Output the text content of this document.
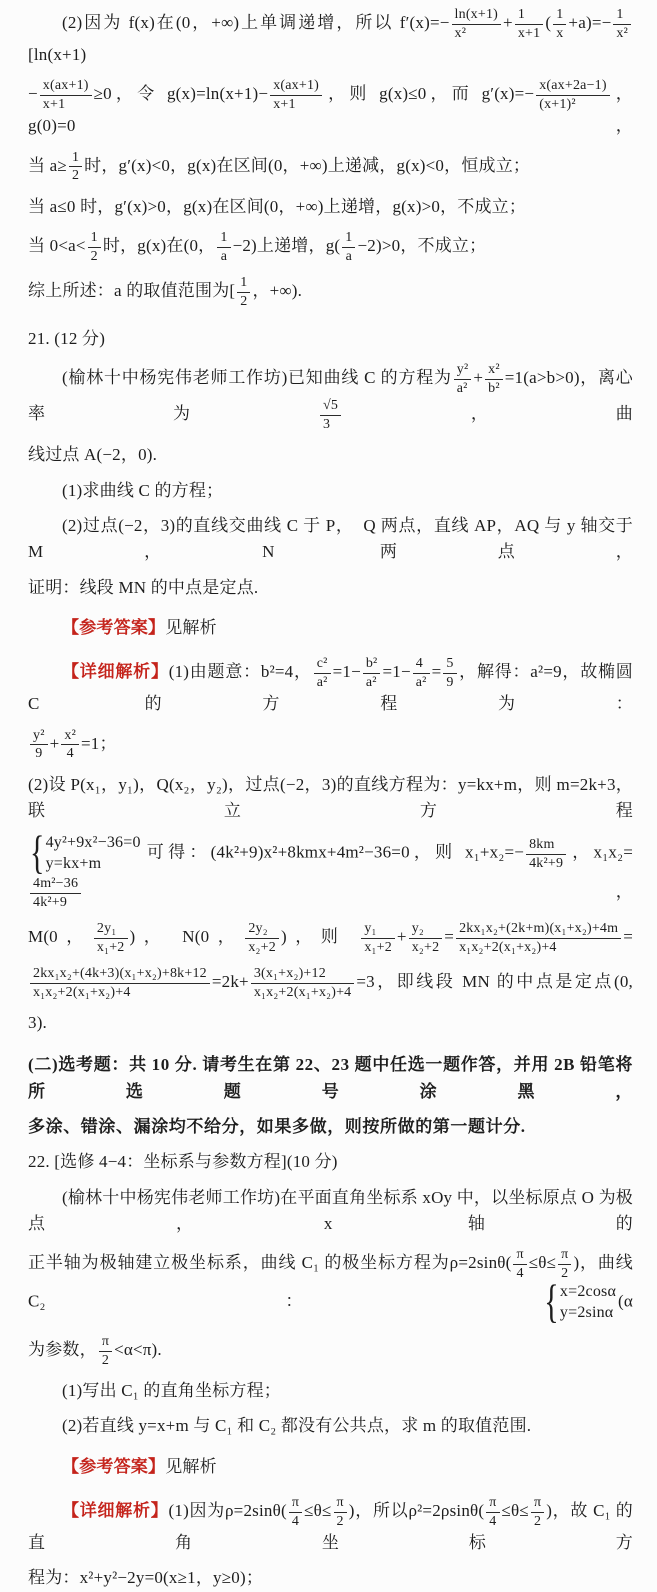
(2)因为 f(x)在(0，+∞)上单调递增，所以 $f'(x)=- \frac{\ln(x+1)}{\text{x²}} + \frac{1}{x+1}$ ( $\frac{1}{x} +a)=- \frac{1}{\text{x²}}$
[ln(x+1)
− $\frac{x(ax+1)}{x+1} \ge 0$，令 $g(x)=\ln(x+1)- \frac{x(ax+1)}{x+1}$ ，则 g(x)≤0，而 $g'(x)=- \frac{x(ax+2a-1)}{\text{(x+1)²}}$ ，g(0)=0，
当 $a\ge \frac{1}{2}$ 时，g′(x)<0，g(x)在区间(0，+∞)上递减，g(x)<0，恒成立；
当 a≤0 时，g′(x)>0，g(x)在区间(0，+∞)上递增，g(x)>0，不成立；
当 $0<a< \frac{1}{2}$ 时，g(x)在(0， $\frac{1}{a} -2$)上递增，$g( \frac{1}{a} -2)>0$，不成立；
综上所述：a 的取值范围为[ $\frac{1}{2}$ ，+∞).
21. (12 分)
(榆林十中杨宪伟老师工作坊)已知曲线 C 的方程为 $\frac{\text{y²}}{\text{a²}} + \frac{\text{x²}}{\text{b²}} =1(a>b>0)$，离心率为 $\frac{√5}{3}$ ，曲
线过点 A(−2，0).
(1)求曲线 C 的方程；
(2)过点(−2，3)的直线交曲线 C 于 P，  Q 两点，直线 AP，AQ 与 y 轴交于 M，N 两点，
证明：线段 MN 的中点是定点.
【参考答案】见解析
【详细解析】(1)由题意：b²=4， $\frac{\text{c²}}{\text{a²}} =1- \frac{\text{b²}}{\text{a²}} =1- \frac{4}{\text{a²}} = \frac{5}{9}$ ，解得：a²=9，故椭圆 C 的方程为：
$\frac{\text{y²}}{9} + \frac{\text{x²}}{4} =1$；
(2)设 P(x₁，y₁)，Q(x₂，y₂)，过点(−2，3)的直线方程为：y=kx+m，则 m=2k+3，联立方程
{ 4y²+9x²−36=0
y=kx+m
可得：(4k²+9)x²+8kmx+4m²−36=0，则 $x_1+x_2=- \frac{8km}{\text{4k²+9}}$ ，x₁x₂=
$\frac{\text{4m²−36}}{\text{4k²+9}}$ ，
M(0， $\frac{\text{2y₁}}{\text{x₁+2}}$ )， N(0， $\frac{\text{2y₂}}{\text{x₂+2}}$ )，则 $\frac{\text{y₁}}{\text{x₁+2}} + \frac{\text{y₂}}{\text{x₂+2}} = \frac{\text{2kx₁x₂+(2k+m)(x₁+x₂)+4m}}{\text{x₁x₂+2(x₁+x₂)+4}}$ =
$\frac{\text{2kx₁x₂+(4k+3)(x₁+x₂)+8k+12}}{\text{x₁x₂+2(x₁+x₂)+4}} =2k+ \frac{\text{3(x₁+x₂)+12}}{\text{x₁x₂+2(x₁+x₂)+4}} =3$，即线段 MN 的中点是定点(0,
3).
(二)选考题：共 10 分. 请考生在第 22、23 题中任选一题作答，并用 2B 铅笔将所选题号涂黑，
多涂、错涂、漏涂均不给分，如果多做，则按所做的第一题计分.
22. [选修 4−4：坐标系与参数方程](10 分)
(榆林十中杨宪伟老师工作坊)在平面直角坐标系 xOy 中，以坐标原点 O 为极点，x 轴的
正半轴为极轴建立极坐标系，曲线 C₁ 的极坐标方程为$\rho=2\sin\theta( \frac{\pi}{4} \le\theta\le \frac{\pi}{2}$ )，曲线 C₂： { x=2cosα
y=2sinα
(α
为参数， $\frac{\pi}{2} <\alpha<\pi$).
(1)写出 C₁ 的直角坐标方程；
(2)若直线 y=x+m 与 C₁ 和 C₂ 都没有公共点，求 m 的取值范围.
【参考答案】见解析
【详细解析】(1)因为$\rho=2\sin\theta( \frac{\pi}{4} \le\theta\le \frac{\pi}{2}$ )，所以$\rho^2=2\rho\sin\theta( \frac{\pi}{4} \le\theta\le \frac{\pi}{2}$ )，故 C₁ 的直角坐标方
程为：x²+y²−2y=0(x≥1，y≥0)；
